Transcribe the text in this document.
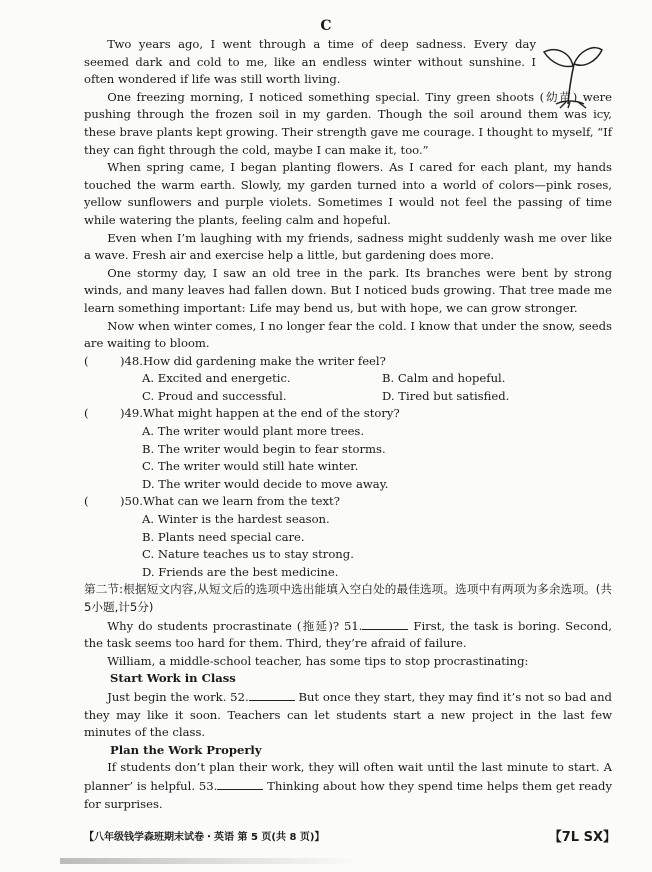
C

Two years ago, I went through a time of deep sadness. Every day seemed dark and cold to me, like an endless winter without sunshine. I often wondered if life was still worth living.

One freezing morning, I noticed something special. Tiny green shoots (幼苗) were pushing through the frozen soil in my garden. Though the soil around them was icy, these brave plants kept growing. Their strength gave me courage. I thought to myself, “If they can fight through the cold, maybe I can make it, too.”

When spring came, I began planting flowers. As I cared for each plant, my hands touched the warm earth. Slowly, my garden turned into a world of colors—pink roses, yellow sunflowers and purple violets. Sometimes I would not feel the passing of time while watering the plants, feeling calm and hopeful.

Even when I’m laughing with my friends, sadness might suddenly wash me over like a wave. Fresh air and exercise help a little, but gardening does more.

One stormy day, I saw an old tree in the park. Its branches were bent by strong winds, and many leaves had fallen down. But I noticed buds growing. That tree made me learn something important: Life may bend us, but with hope, we can grow stronger.

Now when winter comes, I no longer fear the cold. I know that under the snow, seeds are waiting to bloom.

(	) 48. How did gardening make the writer feel?
A. Excited and energetic.	B. Calm and hopeful.
C. Proud and successful.	D. Tired but satisfied.
(	) 49. What might happen at the end of the story?
A. The writer would plant more trees.
B. The writer would begin to fear storms.
C. The writer would still hate winter.
D. The writer would decide to move away.
(	) 50. What can we learn from the text?
A. Winter is the hardest season.
B. Plants need special care.
C. Nature teaches us to stay strong.
D. Friends are the best medicine.

第二节:根据短文内容,从短文后的选项中选出能填入空白处的最佳选项。选项中有两项为多余选项。(共5小题,计5分)

Why do students procrastinate (拖延)? 51.	First, the task is boring. Second, the task seems too hard for them. Third, they’re afraid of failure.

William, a middle-school teacher, has some tips to stop procrastinating:

Start Work in Class

Just begin the work. 52.	But once they start, they may find it’s not so bad and they may like it soon. Teachers can let students start a new project in the last few minutes of the class.

Plan the Work Properly

If students don’t plan their work, they will often wait until the last minute to start. A planner’ is helpful. 53.	Thinking about how they spend time helps them get ready for surprises.

【八年级钱学森班期末试卷・英语 第 5 页(共 8 页)】	【7L SX】
